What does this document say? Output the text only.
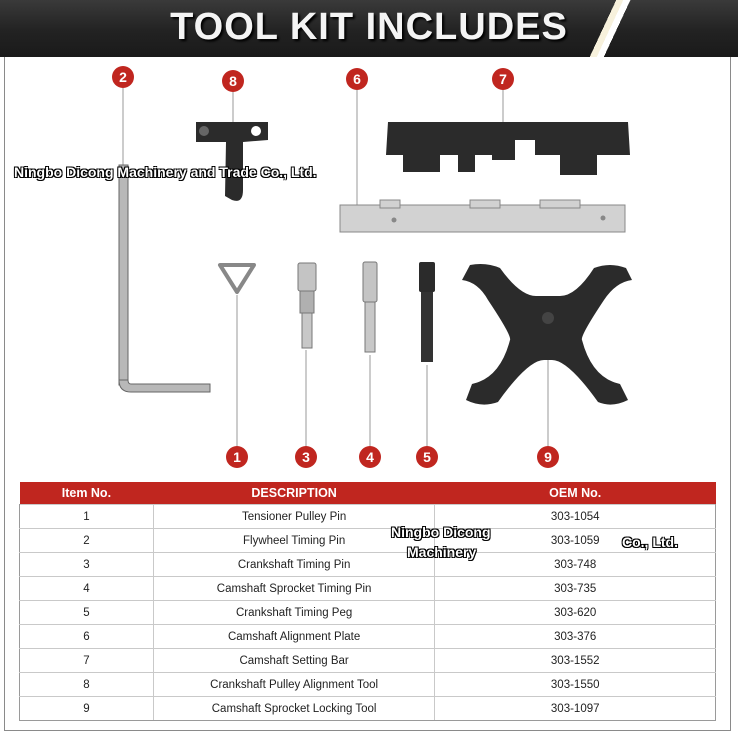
TOOL KIT INCLUDES
2	8	6	7
1	3	4	5	9
Ningbo Dicong Machinery and Trade Co., Ltd.
Item No.	DESCRIPTION	OEM No.
1	Tensioner Pulley Pin	303-1054
2	Flywheel Timing Pin	303-1059
3	Crankshaft Timing Pin	303-748
4	Camshaft Sprocket Timing Pin	303-735
5	Crankshaft Timing Peg	303-620
6	Camshaft Alignment Plate	303-376
7	Camshaft Setting Bar	303-1552
8	Crankshaft Pulley Alignment Tool	303-1550
9	Camshaft Sprocket Locking Tool	303-1097
Ningbo Dicong
Machinery
Co., Ltd.
